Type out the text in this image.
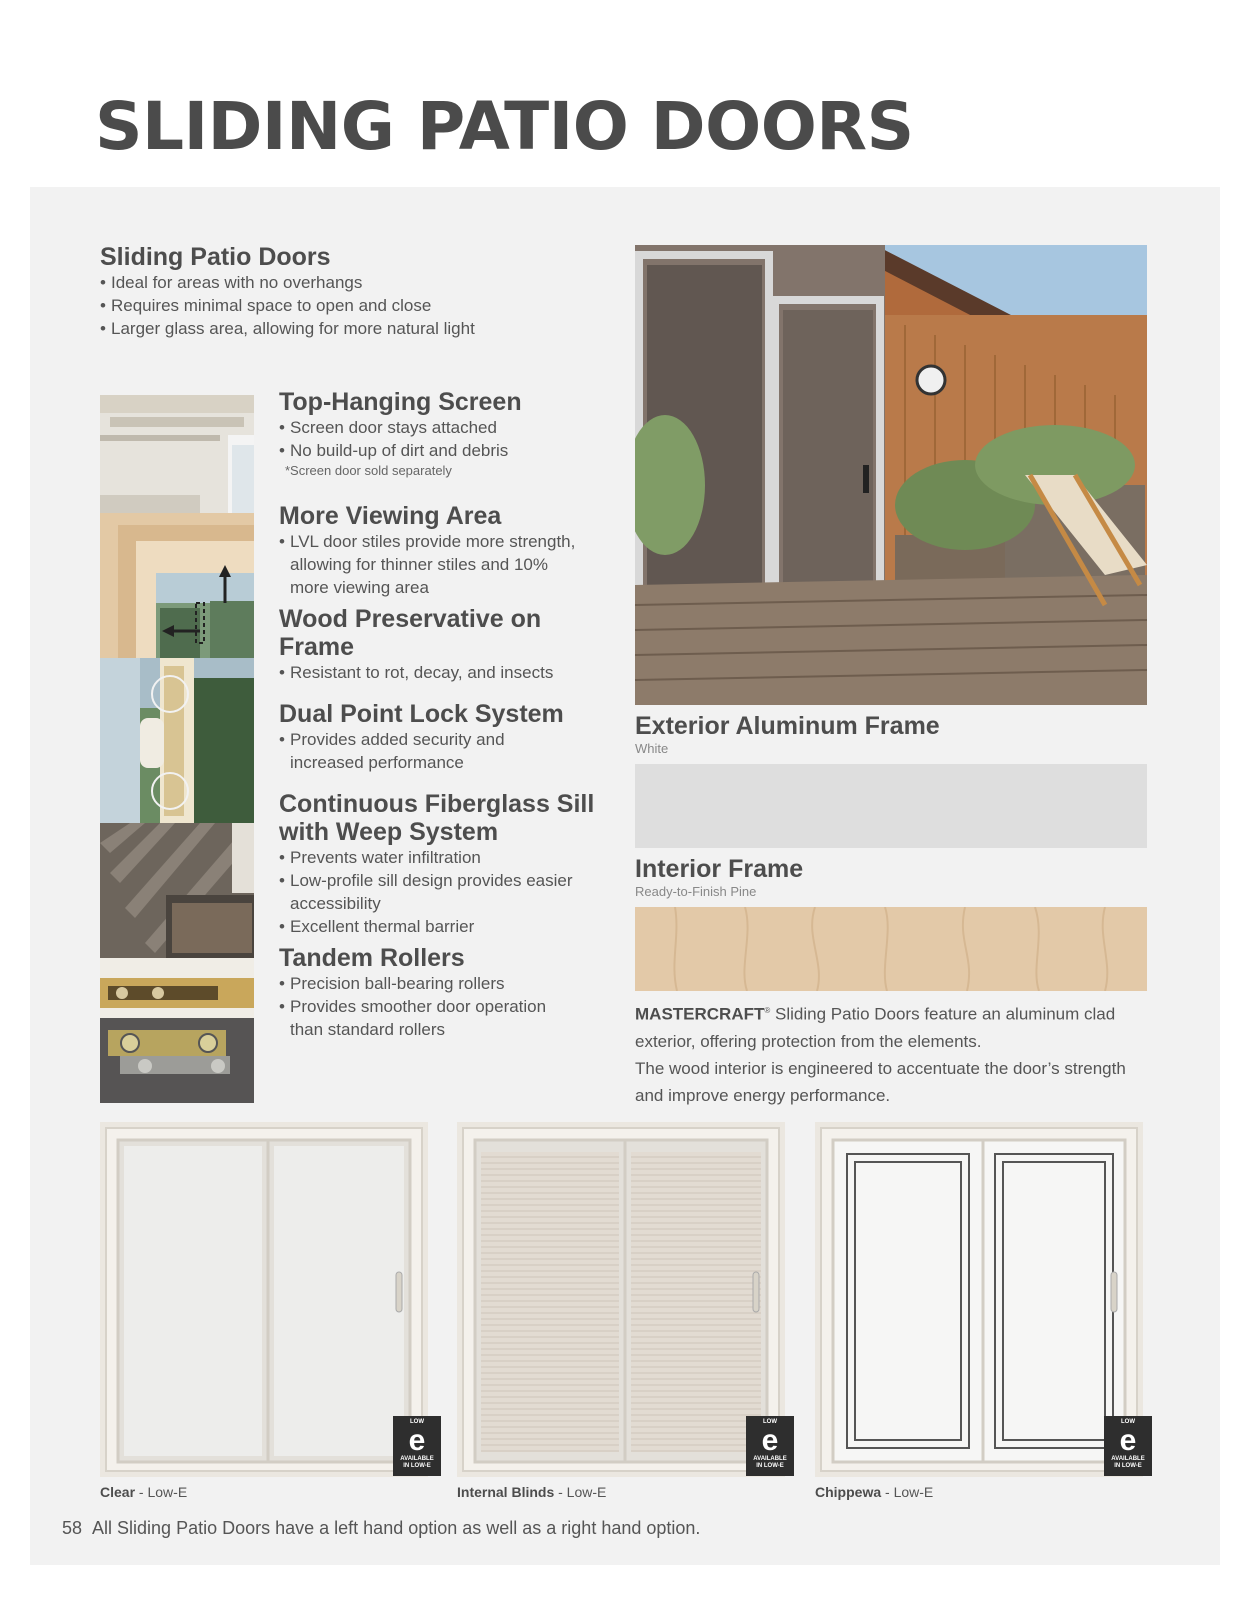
SLIDING PATIO DOORS
Sliding Patio Doors
• Ideal for areas with no overhangs
• Requires minimal space to open and close
• Larger glass area, allowing for more natural light
Top-Hanging Screen
• Screen door stays attached
• No build-up of dirt and debris
*Screen door sold separately
More Viewing Area
• LVL door stiles provide more strength,
allowing for thinner stiles and 10%
more viewing area
Wood Preservative on
Frame
• Resistant to rot, decay, and insects
Dual Point Lock System
• Provides added security and
increased performance
Continuous Fiberglass Sill
with Weep System
• Prevents water infiltration
• Low-profile sill design provides easier
accessibility
• Excellent thermal barrier
Tandem Rollers
• Precision ball-bearing rollers
• Provides smoother door operation
than standard rollers
Exterior Aluminum Frame
White
Interior Frame
Ready-to-Finish Pine
MASTERCRAFT® Sliding Patio Doors feature an aluminum clad exterior, offering protection from the elements.
The wood interior is engineered to accentuate the door’s strength and improve energy performance.
LOW
e
AVAILABLE
IN LOW-E
LOW
e
AVAILABLE
IN LOW-E
LOW
e
AVAILABLE
IN LOW-E
Clear - Low-E	Internal Blinds - Low-E	Chippewa - Low-E
58 All Sliding Patio Doors have a left hand option as well as a right hand option.
